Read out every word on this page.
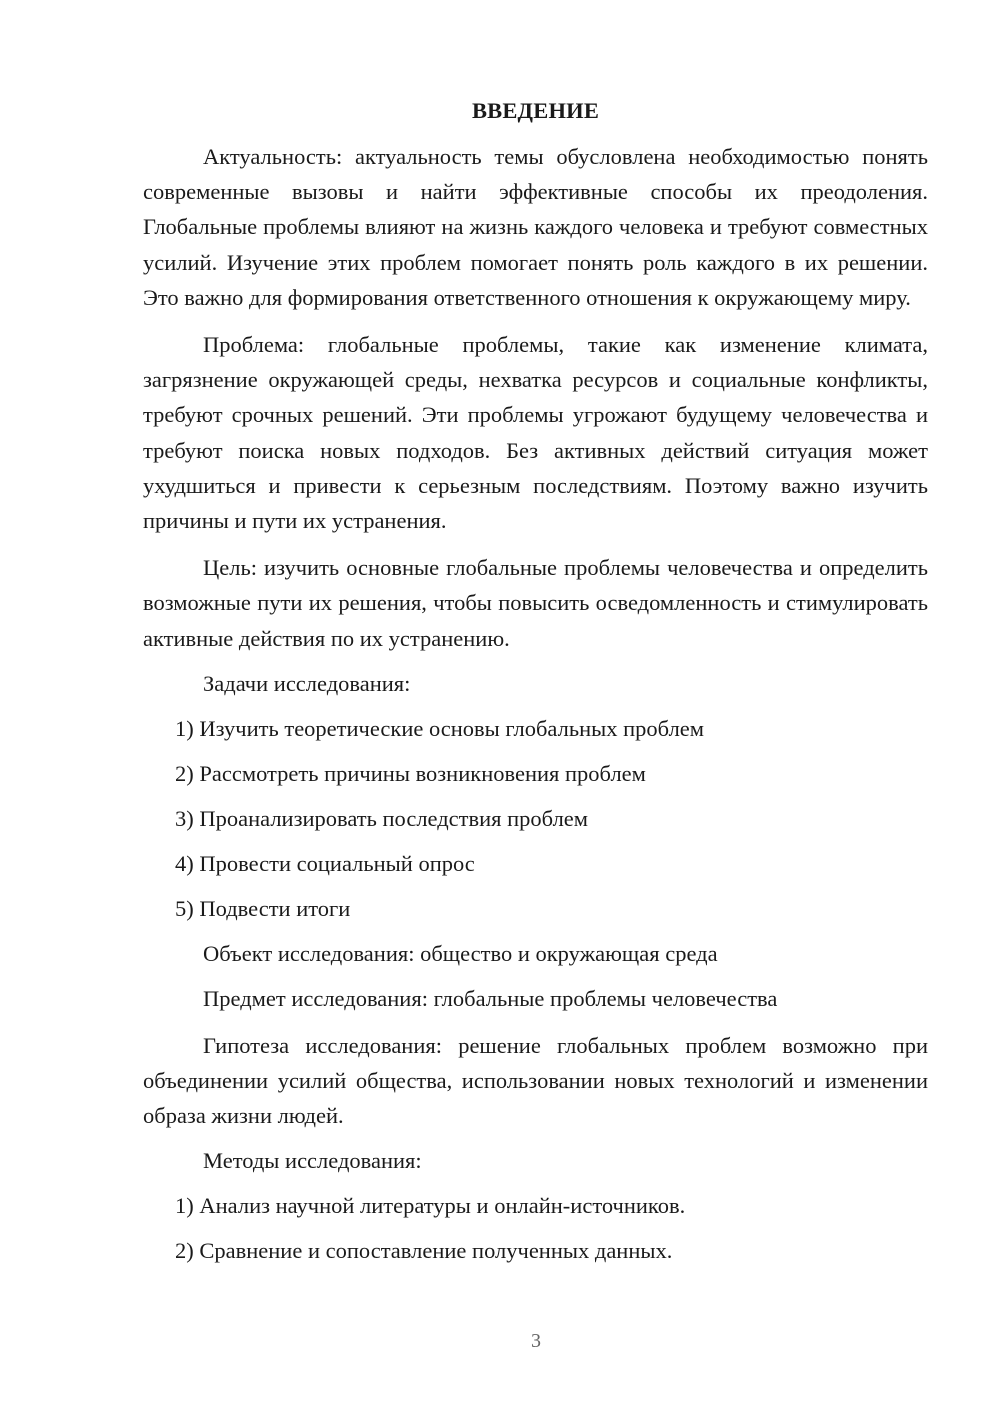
ВВЕДЕНИЕ

Актуальность: актуальность темы обусловлена необходимостью понять современные вызовы и найти эффективные способы их преодоления. Глобальные проблемы влияют на жизнь каждого человека и требуют совместных усилий. Изучение этих проблем помогает понять роль каждого в их решении. Это важно для формирования ответственного отношения к окружающему миру.

Проблема: глобальные проблемы, такие как изменение климата, загрязнение окружающей среды, нехватка ресурсов и социальные конфликты, требуют срочных решений. Эти проблемы угрожают будущему человечества и требуют поиска новых подходов. Без активных действий ситуация может ухудшиться и привести к серьезным последствиям. Поэтому важно изучить причины и пути их устранения.

Цель: изучить основные глобальные проблемы человечества и определить возможные пути их решения, чтобы повысить осведомленность и стимулировать активные действия по их устранению.

Задачи исследования:
1) Изучить теоретические основы глобальных проблем
2) Рассмотреть причины возникновения проблем
3) Проанализировать последствия проблем
4) Провести социальный опрос
5) Подвести итоги
Объект исследования: общество и окружающая среда
Предмет исследования: глобальные проблемы человечества

Гипотеза исследования: решение глобальных проблем возможно при объединении усилий общества, использовании новых технологий и изменении образа жизни людей.

Методы исследования:
1) Анализ научной литературы и онлайн-источников.
2) Сравнение и сопоставление полученных данных.
3
